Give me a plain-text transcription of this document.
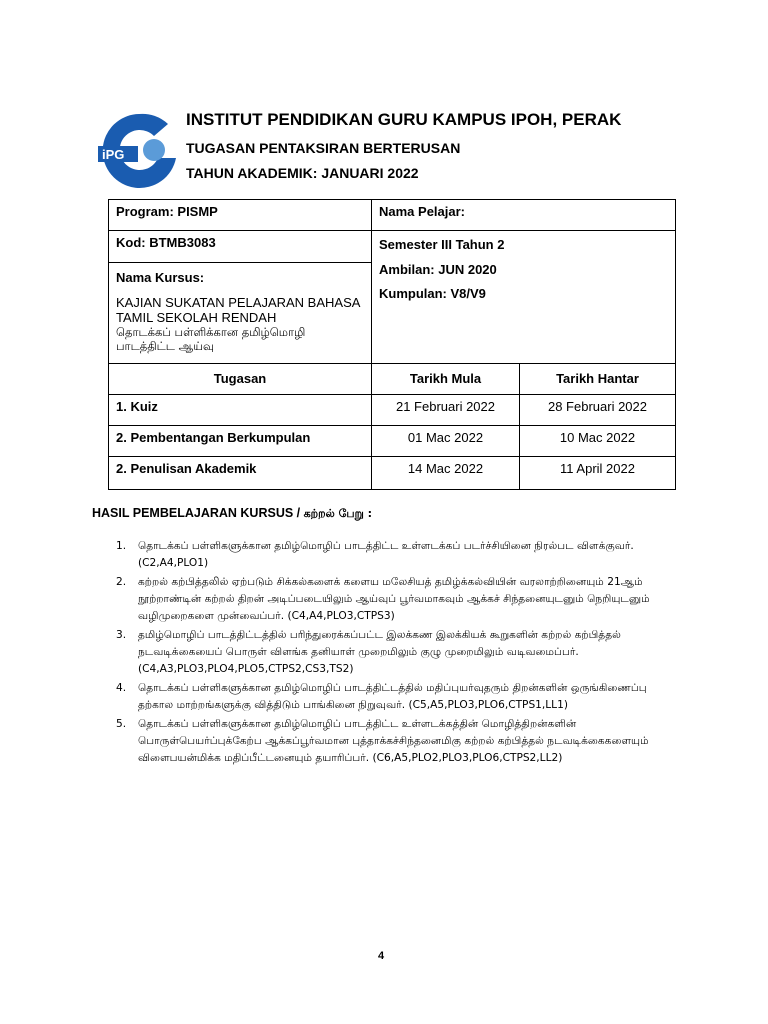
iPG
INSTITUT PENDIDIKAN GURU KAMPUS IPOH, PERAK
TUGASAN PENTAKSIRAN BERTERUSAN
TAHUN AKADEMIK: JANUARI 2022
Program: PISMP	Nama Pelajar:	
Kod: BTMB3083	Semester III Tahun 2
Ambilan: JUN 2020
Kumpulan: V8/V9	

Nama Kursus:
KAJIAN SUKATAN PELAJARAN BAHASA TAMIL SEKOLAH RENDAH
தொடக்கப் பள்ளிக்கான தமிழ்மொழி பாடத்திட்ட ஆய்வு		

Tugasan	Tarikh Mula	Tarikh Hantar
1. Kuiz	21 Februari 2022	28 Februari 2022
2. Pembentangan Berkumpulan	01 Mac 2022	10 Mac 2022
2. Penulisan Akademik	14 Mac 2022	11 April 2022
HASIL PEMBELAJARAN KURSUS / கற்றல் பேறு :
1. தொடக்கப் பள்ளிகளுக்கான தமிழ்மொழிப் பாடத்திட்ட உள்ளடக்கப் படர்ச்சியினை நிரல்பட விளக்குவர். (C2,A4,PLO1)
2. கற்றல் கற்பித்தலில் ஏற்படும் சிக்கல்களைக் களைய மலேசியத் தமிழ்க்கல்வியின் வரலாற்றினையும் 21ஆம் நூற்றாண்டின் கற்றல் திறன் அடிப்படையிலும் ஆய்வுப் பூர்வமாகவும் ஆக்கச் சிந்தனையுடனும் நெறியுடனும் வழிமுறைகளை முன்வைப்பர். (C4,A4,PLO3,CTPS3)
3. தமிழ்மொழிப் பாடத்திட்டத்தில் பரிந்துரைக்கப்பட்ட இலக்கண இலக்கியக் கூறுகளின் கற்றல் கற்பித்தல் நடவடிக்கையைப் பொருள் விளங்க தனியாள் முறைமிலும் குழு முறைமிலும் வடிவமைப்பர். (C4,A3,PLO3,PLO4,PLO5,CTPS2,CS3,TS2)
4. தொடக்கப் பள்ளிகளுக்கான தமிழ்மொழிப் பாடத்திட்டத்தில் மதிப்புயர்வுதரும் திறன்களின் ஒருங்கிணைப்பு தற்கால மாற்றங்களுக்கு வித்திடும் பாங்கினை நிறுவுவர். (C5,A5,PLO3,PLO6,CTPS1,LL1)
5. தொடக்கப் பள்ளிகளுக்கான தமிழ்மொழிப் பாடத்திட்ட உள்ளடக்கத்தின் மொழித்திறன்களின் பொருள்பெயர்ப்புக்கேற்ப ஆக்கப்பூர்வமான புத்தாக்கச்சிந்தனைமிகு கற்றல் கற்பித்தல் நடவடிக்கைகளையும் விளைபயன்மிக்க மதிப்பீட்டனையும் தயாரிப்பர். (C6,A5,PLO2,PLO3,PLO6,CTPS2,LL2)
4
